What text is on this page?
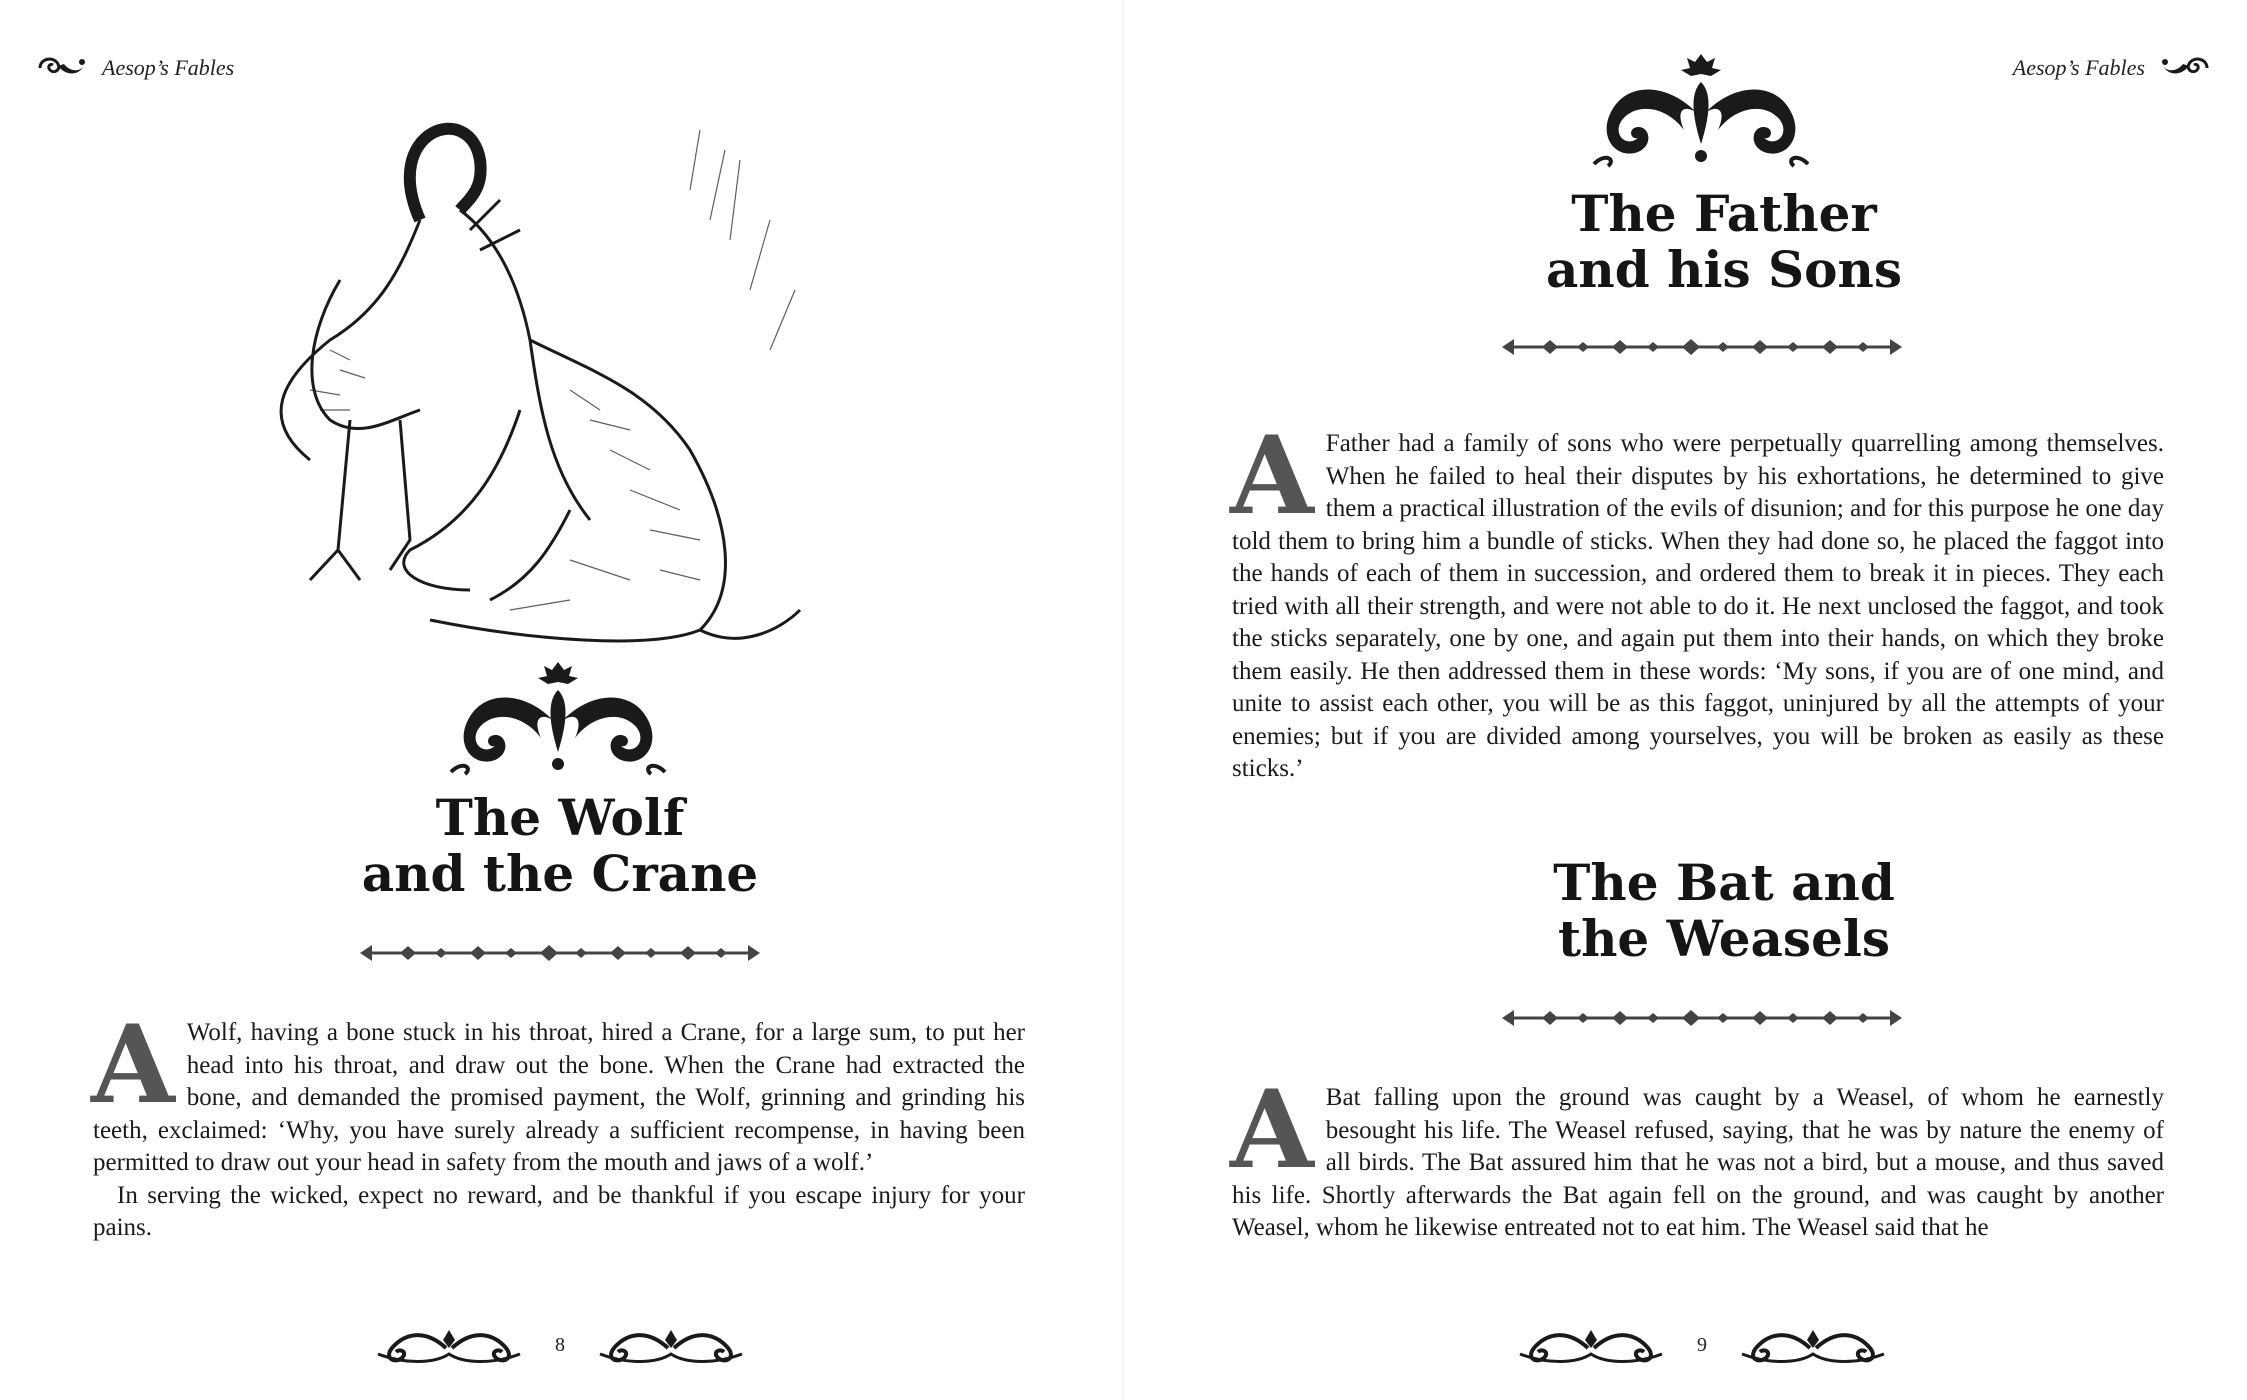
Aesop’s Fables
The Wolf
and the Crane

A Wolf, having a bone stuck in his throat, hired a Crane, for a large sum, to put her head into his throat, and draw out the bone. When the Crane had extracted the bone, and demanded the promised payment, the Wolf, grinning and grinding his teeth, exclaimed: ‘Why, you have surely already a sufficient recompense, in having been permitted to draw out your head in safety from the mouth and jaws of a wolf.’
In serving the wicked, expect no reward, and be thankful if you escape injury for your pains.

8
Aesop’s Fables
The Father
and his Sons

A Father had a family of sons who were perpetually quarrelling among themselves. When he failed to heal their disputes by his exhortations, he determined to give them a practical illustration of the evils of disunion; and for this purpose he one day told them to bring him a bundle of sticks. When they had done so, he placed the faggot into the hands of each of them in succession, and ordered them to break it in pieces. They each tried with all their strength, and were not able to do it. He next unclosed the faggot, and took the sticks separately, one by one, and again put them into their hands, on which they broke them easily. He then addressed them in these words: ‘My sons, if you are of one mind, and unite to assist each other, you will be as this faggot, uninjured by all the attempts of your enemies; but if you are divided among yourselves, you will be broken as easily as these sticks.’

The Bat and
the Weasels

A Bat falling upon the ground was caught by a Weasel, of whom he earnestly besought his life. The Weasel refused, saying, that he was by nature the enemy of all birds. The Bat assured him that he was not a bird, but a mouse, and thus saved his life. Shortly afterwards the Bat again fell on the ground, and was caught by another Weasel, whom he likewise entreated not to eat him. The Weasel said that he

9
